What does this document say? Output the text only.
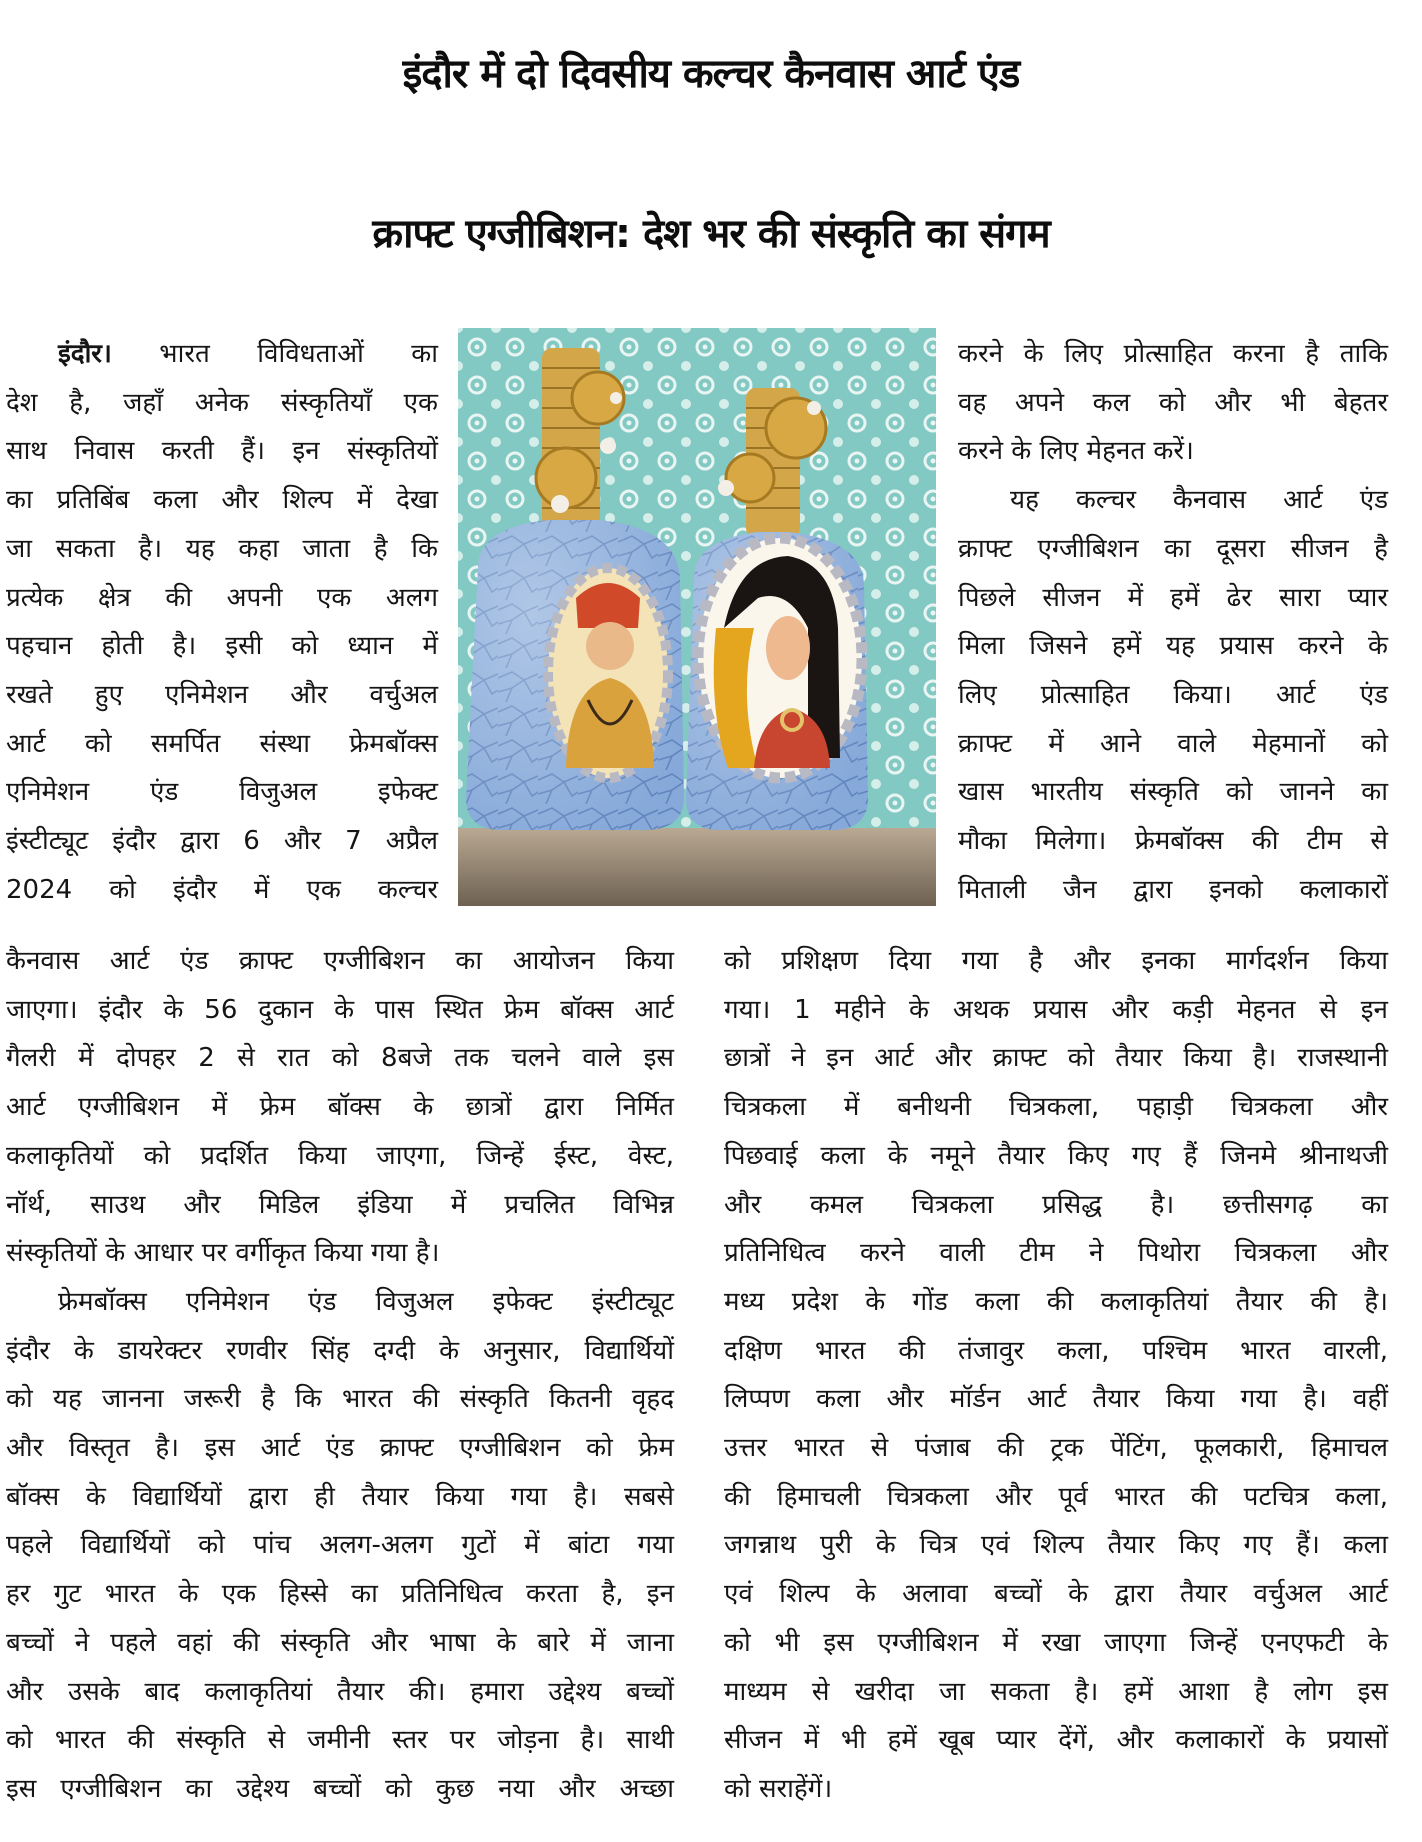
इंदौर में दो दिवसीय कल्चर कैनवास आर्ट एंड
क्राफ्ट एग्जीबिशन: देश भर की संस्कृति का संगम

इंदौर। भारत विविधताओं का

देश है, जहाँ अनेक संस्कृतियाँ एक

साथ निवास करती हैं। इन संस्कृतियों

का प्रतिबिंब कला और शिल्प में देखा

जा सकता है। यह कहा जाता है कि

प्रत्येक क्षेत्र की अपनी एक अलग

पहचान होती है। इसी को ध्यान में

रखते हुए एनिमेशन और वर्चुअल

आर्ट को समर्पित संस्था फ्रेमबॉक्स

एनिमेशन एंड विजुअल इफेक्ट

इंस्टीट्यूट इंदौर द्वारा 6 और 7 अप्रैल

2024 को इंदौर में एक कल्चर

करने के लिए प्रोत्साहित करना है ताकि

वह अपने कल को और भी बेहतर

करने के लिए मेहनत करें।

यह कल्चर कैनवास आर्ट एंड

क्राफ्ट एग्जीबिशन का दूसरा सीजन है

पिछले सीजन में हमें ढेर सारा प्यार

मिला जिसने हमें यह प्रयास करने के

लिए प्रोत्साहित किया। आर्ट एंड

क्राफ्ट में आने वाले मेहमानों को

खास भारतीय संस्कृति को जानने का

मौका मिलेगा। फ्रेमबॉक्स की टीम से

मिताली जैन द्वारा इनको कलाकारों

कैनवास आर्ट एंड क्राफ्ट एग्जीबिशन का आयोजन किया

जाएगा। इंदौर के 56 दुकान के पास स्थित फ्रेम बॉक्स आर्ट

गैलरी में दोपहर 2 से रात को 8बजे तक चलने वाले इस

आर्ट एग्जीबिशन में फ्रेम बॉक्स के छात्रों द्वारा निर्मित

कलाकृतियों को प्रदर्शित किया जाएगा, जिन्हें ईस्ट, वेस्ट,

नॉर्थ, साउथ और मिडिल इंडिया में प्रचलित विभिन्न

संस्कृतियों के आधार पर वर्गीकृत किया गया है।

फ्रेमबॉक्स एनिमेशन एंड विजुअल इफेक्ट इंस्टीट्यूट

इंदौर के डायरेक्टर रणवीर सिंह दग्दी के अनुसार, विद्यार्थियों

को यह जानना जरूरी है कि भारत की संस्कृति कितनी वृहद

और विस्तृत है। इस आर्ट एंड क्राफ्ट एग्जीबिशन को फ्रेम

बॉक्स के विद्यार्थियों द्वारा ही तैयार किया गया है। सबसे

पहले विद्यार्थियों को पांच अलग-अलग गुटों में बांटा गया

हर गुट भारत के एक हिस्से का प्रतिनिधित्व करता है, इन

बच्चों ने पहले वहां की संस्कृति और भाषा के बारे में जाना

और उसके बाद कलाकृतियां तैयार की। हमारा उद्देश्य बच्चों

को भारत की संस्कृति से जमीनी स्तर पर जोड़ना है। साथी

इस एग्जीबिशन का उद्देश्य बच्चों को कुछ नया और अच्छा

को प्रशिक्षण दिया गया है और इनका मार्गदर्शन किया

गया। 1 महीने के अथक प्रयास और कड़ी मेहनत से इन

छात्रों ने इन आर्ट और क्राफ्ट को तैयार किया है। राजस्थानी

चित्रकला में बनीथनी चित्रकला, पहाड़ी चित्रकला और

पिछवाई कला के नमूने तैयार किए गए हैं जिनमे श्रीनाथजी

और कमल चित्रकला प्रसिद्ध है। छत्तीसगढ़ का

प्रतिनिधित्व करने वाली टीम ने पिथोरा चित्रकला और

मध्य प्रदेश के गोंड कला की कलाकृतियां तैयार की है।

दक्षिण भारत की तंजावुर कला, पश्चिम भारत वारली,

लिप्पण कला और मॉर्डन आर्ट तैयार किया गया है। वहीं

उत्तर भारत से पंजाब की ट्रक पेंटिंग, फूलकारी, हिमाचल

की हिमाचली चित्रकला और पूर्व भारत की पटचित्र कला,

जगन्नाथ पुरी के चित्र एवं शिल्प तैयार किए गए हैं। कला

एवं शिल्प के अलावा बच्चों के द्वारा तैयार वर्चुअल आर्ट

को भी इस एग्जीबिशन में रखा जाएगा जिन्हें एनएफटी के

माध्यम से खरीदा जा सकता है। हमें आशा है लोग इस

सीजन में भी हमें खूब प्यार देंगें, और कलाकारों के प्रयासों

को सराहेंगें।
